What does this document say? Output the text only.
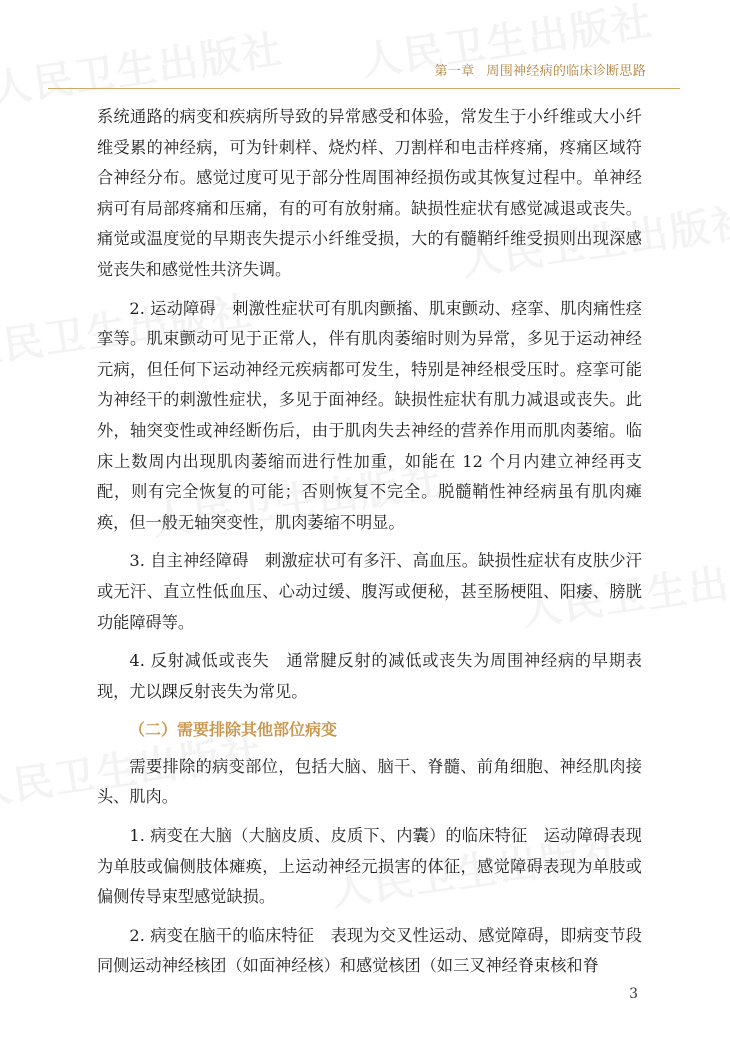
第一章 周围神经病的临床诊断思路

系统通路的病变和疾病所导致的异常感受和体验，常发生于小纤维或大小纤维受累的神经病，可为针刺样、烧灼样、刀割样和电击样疼痛，疼痛区域符合神经分布。感觉过度可见于部分性周围神经损伤或其恢复过程中。单神经病可有局部疼痛和压痛，有的可有放射痛。缺损性症状有感觉减退或丧失。痛觉或温度觉的早期丧失提示小纤维受损，大的有髓鞘纤维受损则出现深感觉丧失和感觉性共济失调。

2. 运动障碍　刺激性症状可有肌肉颤搐、肌束颤动、痉挛、肌肉痛性痉挛等。肌束颤动可见于正常人，伴有肌肉萎缩时则为异常，多见于运动神经元病，但任何下运动神经元疾病都可发生，特别是神经根受压时。痉挛可能为神经干的刺激性症状，多见于面神经。缺损性症状有肌力减退或丧失。此外，轴突变性或神经断伤后，由于肌肉失去神经的营养作用而肌肉萎缩。临床上数周内出现肌肉萎缩而进行性加重，如能在 12 个月内建立神经再支配，则有完全恢复的可能；否则恢复不完全。脱髓鞘性神经病虽有肌肉瘫痪，但一般无轴突变性，肌肉萎缩不明显。

3. 自主神经障碍　刺激症状可有多汗、高血压。缺损性症状有皮肤少汗或无汗、直立性低血压、心动过缓、腹泻或便秘，甚至肠梗阻、阳痿、膀胱功能障碍等。

4. 反射减低或丧失　通常腱反射的减低或丧失为周围神经病的早期表现，尤以踝反射丧失为常见。

（二）需要排除其他部位病变

需要排除的病变部位，包括大脑、脑干、脊髓、前角细胞、神经肌肉接头、肌肉。

1. 病变在大脑（大脑皮质、皮质下、内囊）的临床特征　运动障碍表现为单肢或偏侧肢体瘫痪，上运动神经元损害的体征，感觉障碍表现为单肢或偏侧传导束型感觉缺损。

2. 病变在脑干的临床特征　表现为交叉性运动、感觉障碍，即病变节段同侧运动神经核团（如面神经核）和感觉核团（如三叉神经脊束核和脊

3
